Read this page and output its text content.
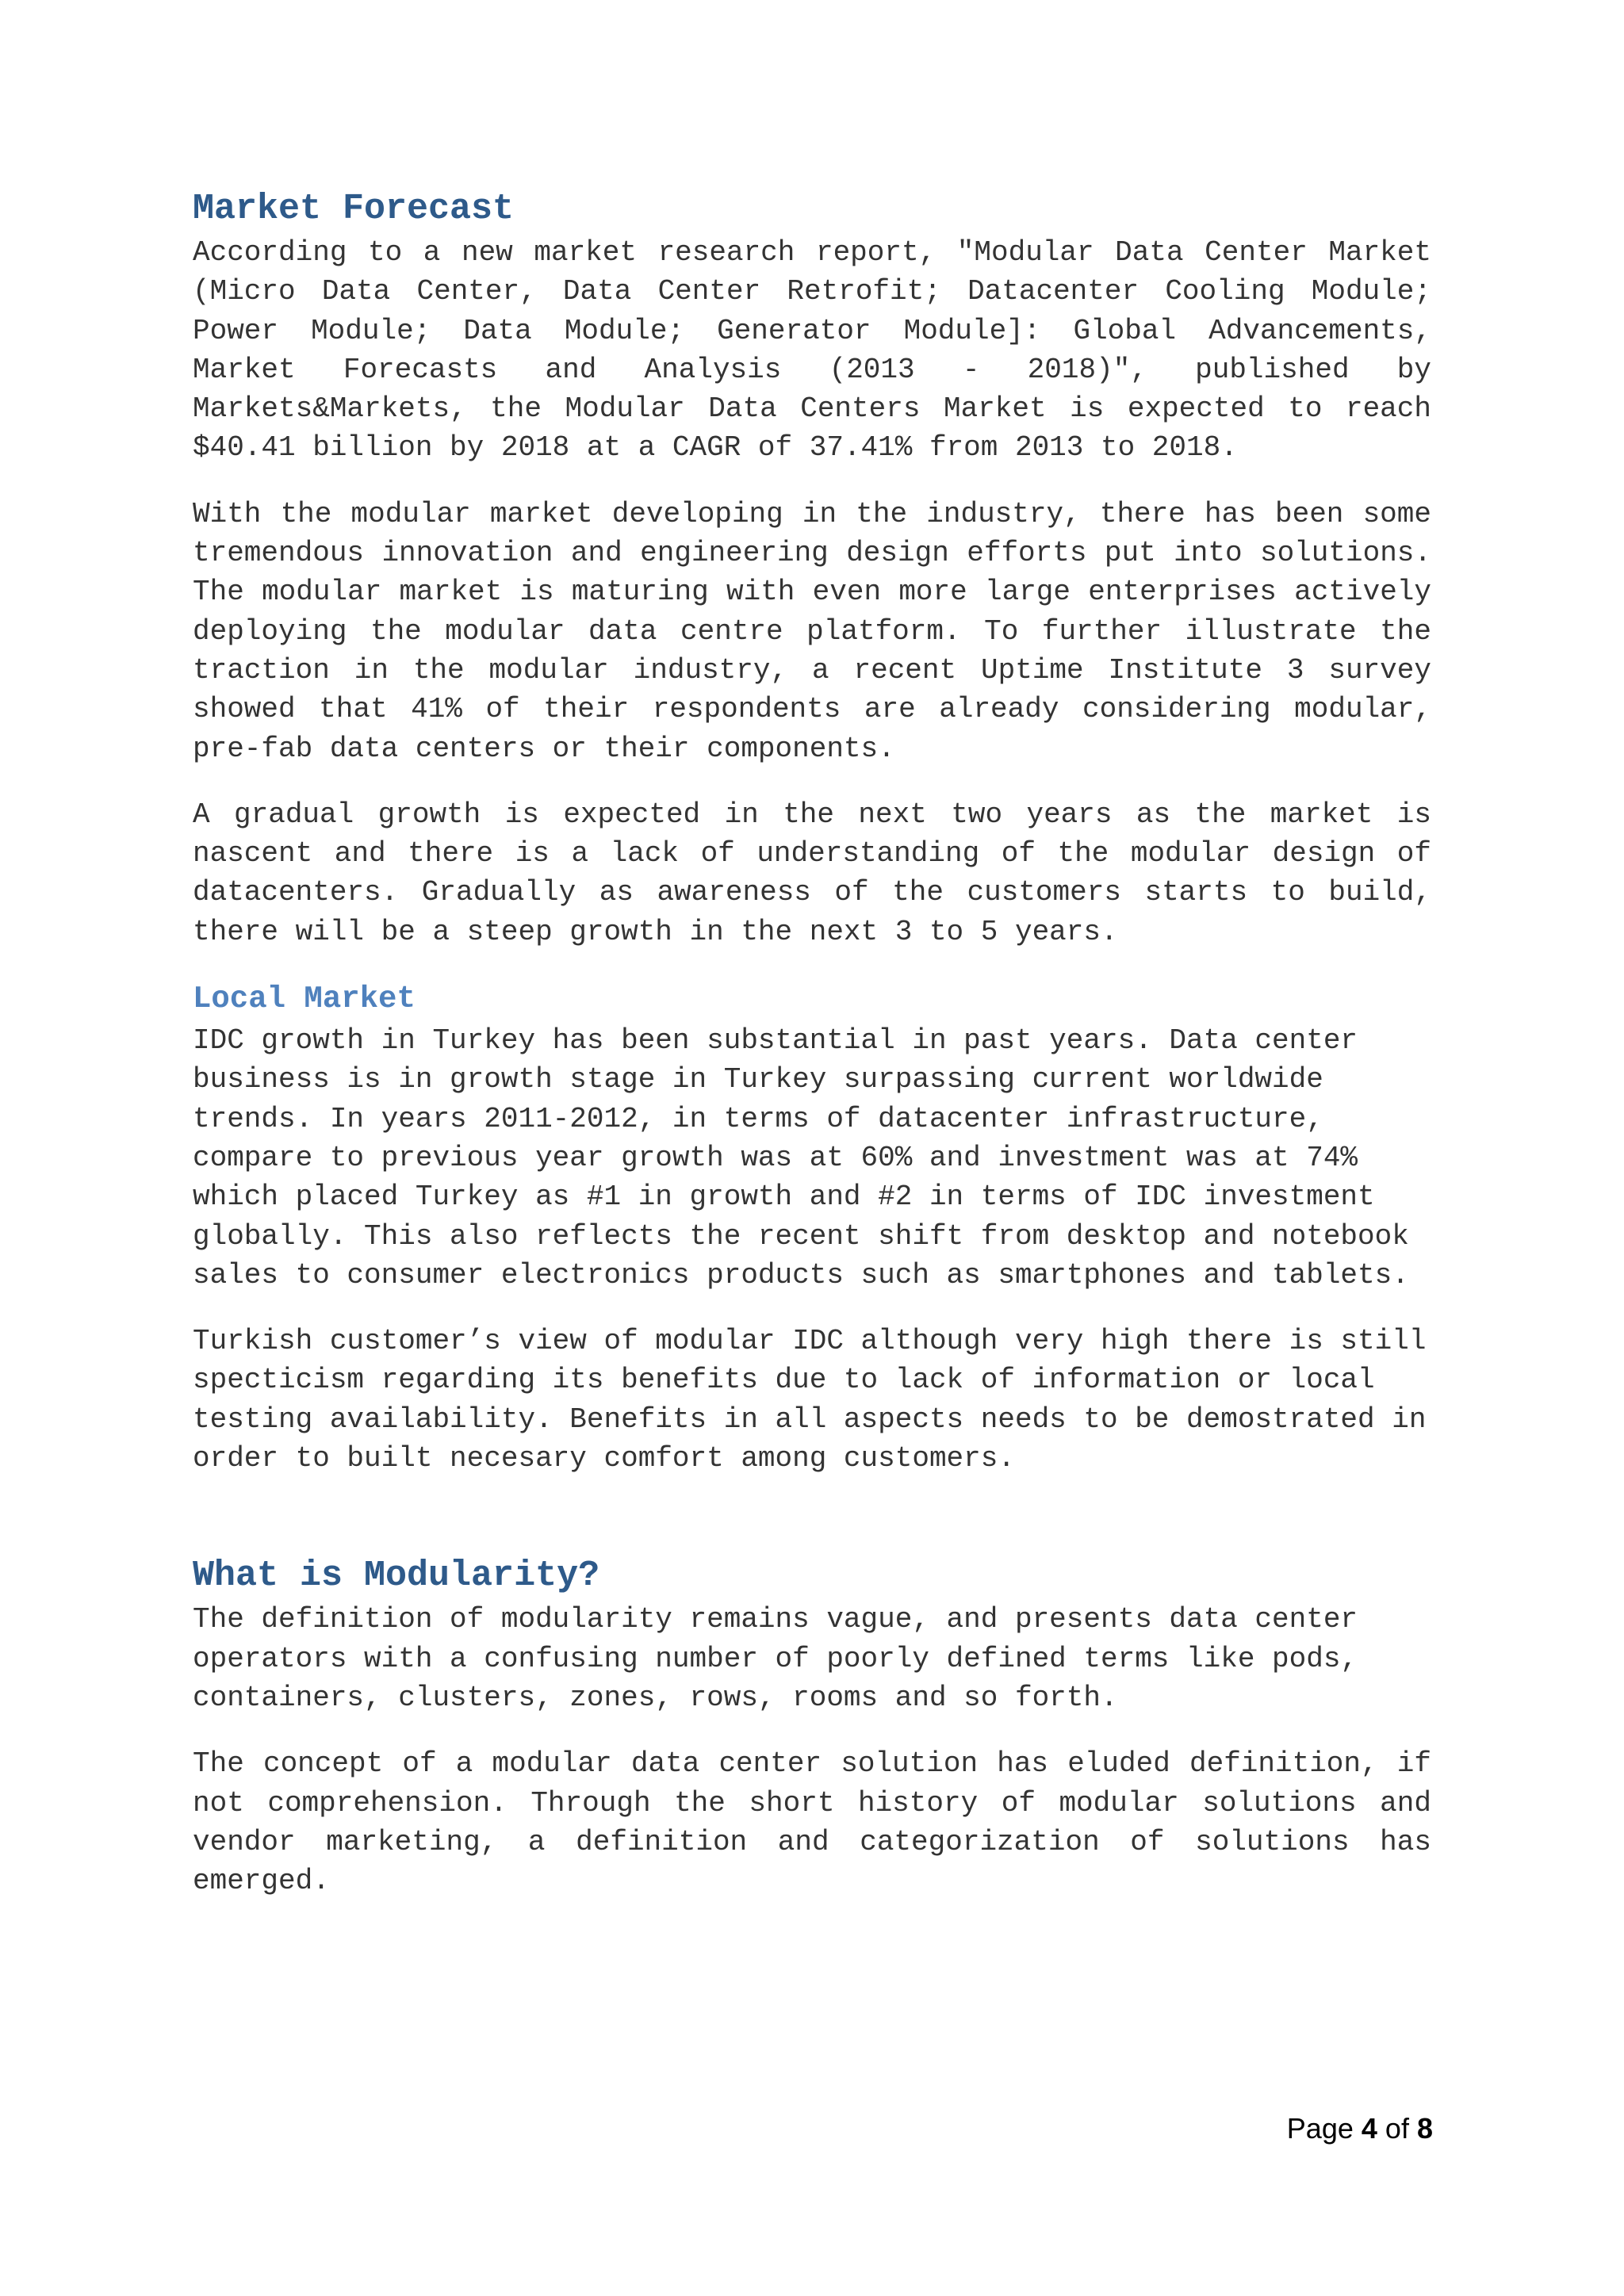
Market Forecast

According to a new market research report, "Modular Data Center Market (Micro Data Center, Data Center Retrofit; Datacenter Cooling Module; Power Module; Data Module; Generator Module]: Global Advancements, Market Forecasts and Analysis (2013 - 2018)", published by Markets&Markets, the Modular Data Centers Market is expected to reach $40.41 billion by 2018 at a CAGR of 37.41% from 2013 to 2018.

With the modular market developing in the industry, there has been some tremendous innovation and engineering design efforts put into solutions. The modular market is maturing with even more large enterprises actively deploying the modular data centre platform. To further illustrate the traction in the modular industry, a recent Uptime Institute 3 survey showed that 41% of their respondents are already considering modular, pre-fab data centers or their components.

A gradual growth is expected in the next two years as the market is nascent and there is a lack of understanding of the modular design of datacenters. Gradually as awareness of the customers starts to build, there will be a steep growth in the next 3 to 5 years.

Local Market

IDC growth in Turkey has been substantial in past years. Data center business is in growth stage in Turkey surpassing current worldwide trends. In years 2011-2012, in terms of datacenter infrastructure, compare to previous year growth was at 60% and investment was at 74% which placed Turkey as #1 in growth and #2 in terms of IDC investment globally. This also reflects the recent shift from desktop and notebook sales to consumer electronics products such as smartphones and tablets.

Turkish customer’s view of modular IDC although very high there is still specticism regarding its benefits due to lack of information or local testing availability. Benefits in all aspects needs to be demostrated in order to built necesary comfort among customers.

What is Modularity?

The definition of modularity remains vague, and presents data center operators with a confusing number of poorly defined terms like pods, containers, clusters, zones, rows, rooms and so forth.

The concept of a modular data center solution has eluded definition, if not comprehension. Through the short history of modular solutions and vendor marketing, a definition and categorization of solutions has emerged.

Page 4 of 8
